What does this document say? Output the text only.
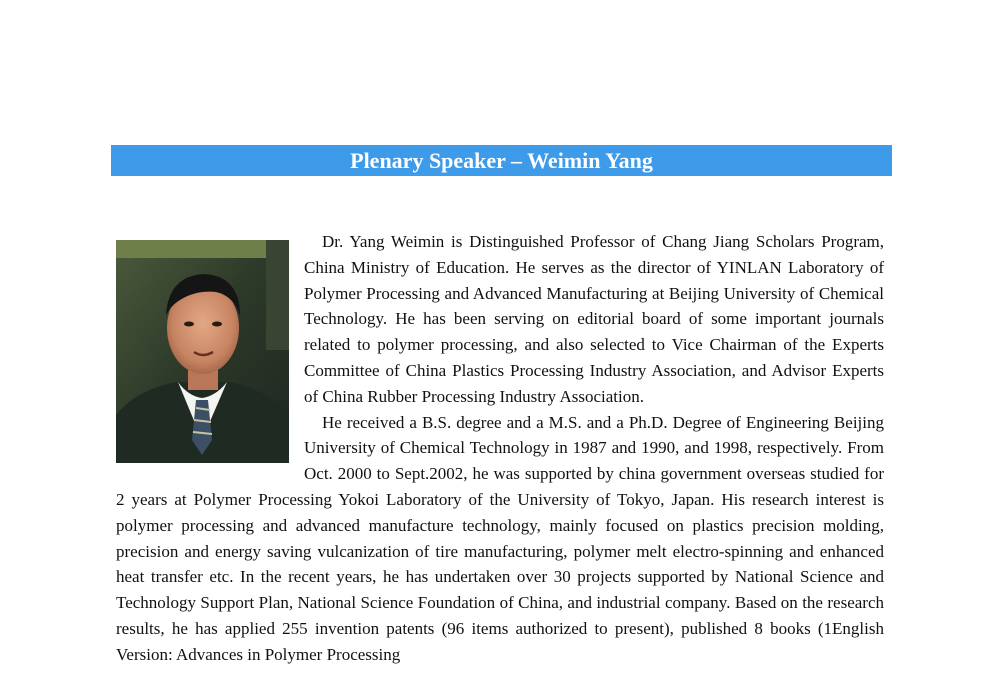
Plenary Speaker – Weimin Yang

Dr. Yang Weimin is Distinguished Professor of Chang Jiang Scholars Program, China Ministry of Education. He serves as the director of YINLAN Laboratory of Polymer Processing and Advanced Manufacturing at Beijing University of Chemical Technology. He has been serving on editorial board of some important journals related to polymer processing, and also selected to Vice Chairman of the Experts Committee of China Plastics Processing Industry Association, and Advisor Experts of China Rubber Processing Industry Association.

He received a B.S. degree and a M.S. and a Ph.D. Degree of Engineering Beijing University of Chemical Technology in 1987 and 1990, and 1998, respectively. From Oct. 2000 to Sept.2002, he was supported by china government overseas studied for 2 years at Polymer Processing Yokoi Laboratory of the University of Tokyo, Japan. His research interest is polymer processing and advanced manufacture technology, mainly focused on plastics precision molding, precision and energy saving vulcanization of tire manufacturing, polymer melt electro-spinning and enhanced heat transfer etc. In the recent years, he has undertaken over 30 projects supported by National Science and Technology Support Plan, National Science Foundation of China, and industrial company. Based on the research results, he has applied 255 invention patents (96 items authorized to present), published 8 books (1English Version: Advances in Polymer Processing
